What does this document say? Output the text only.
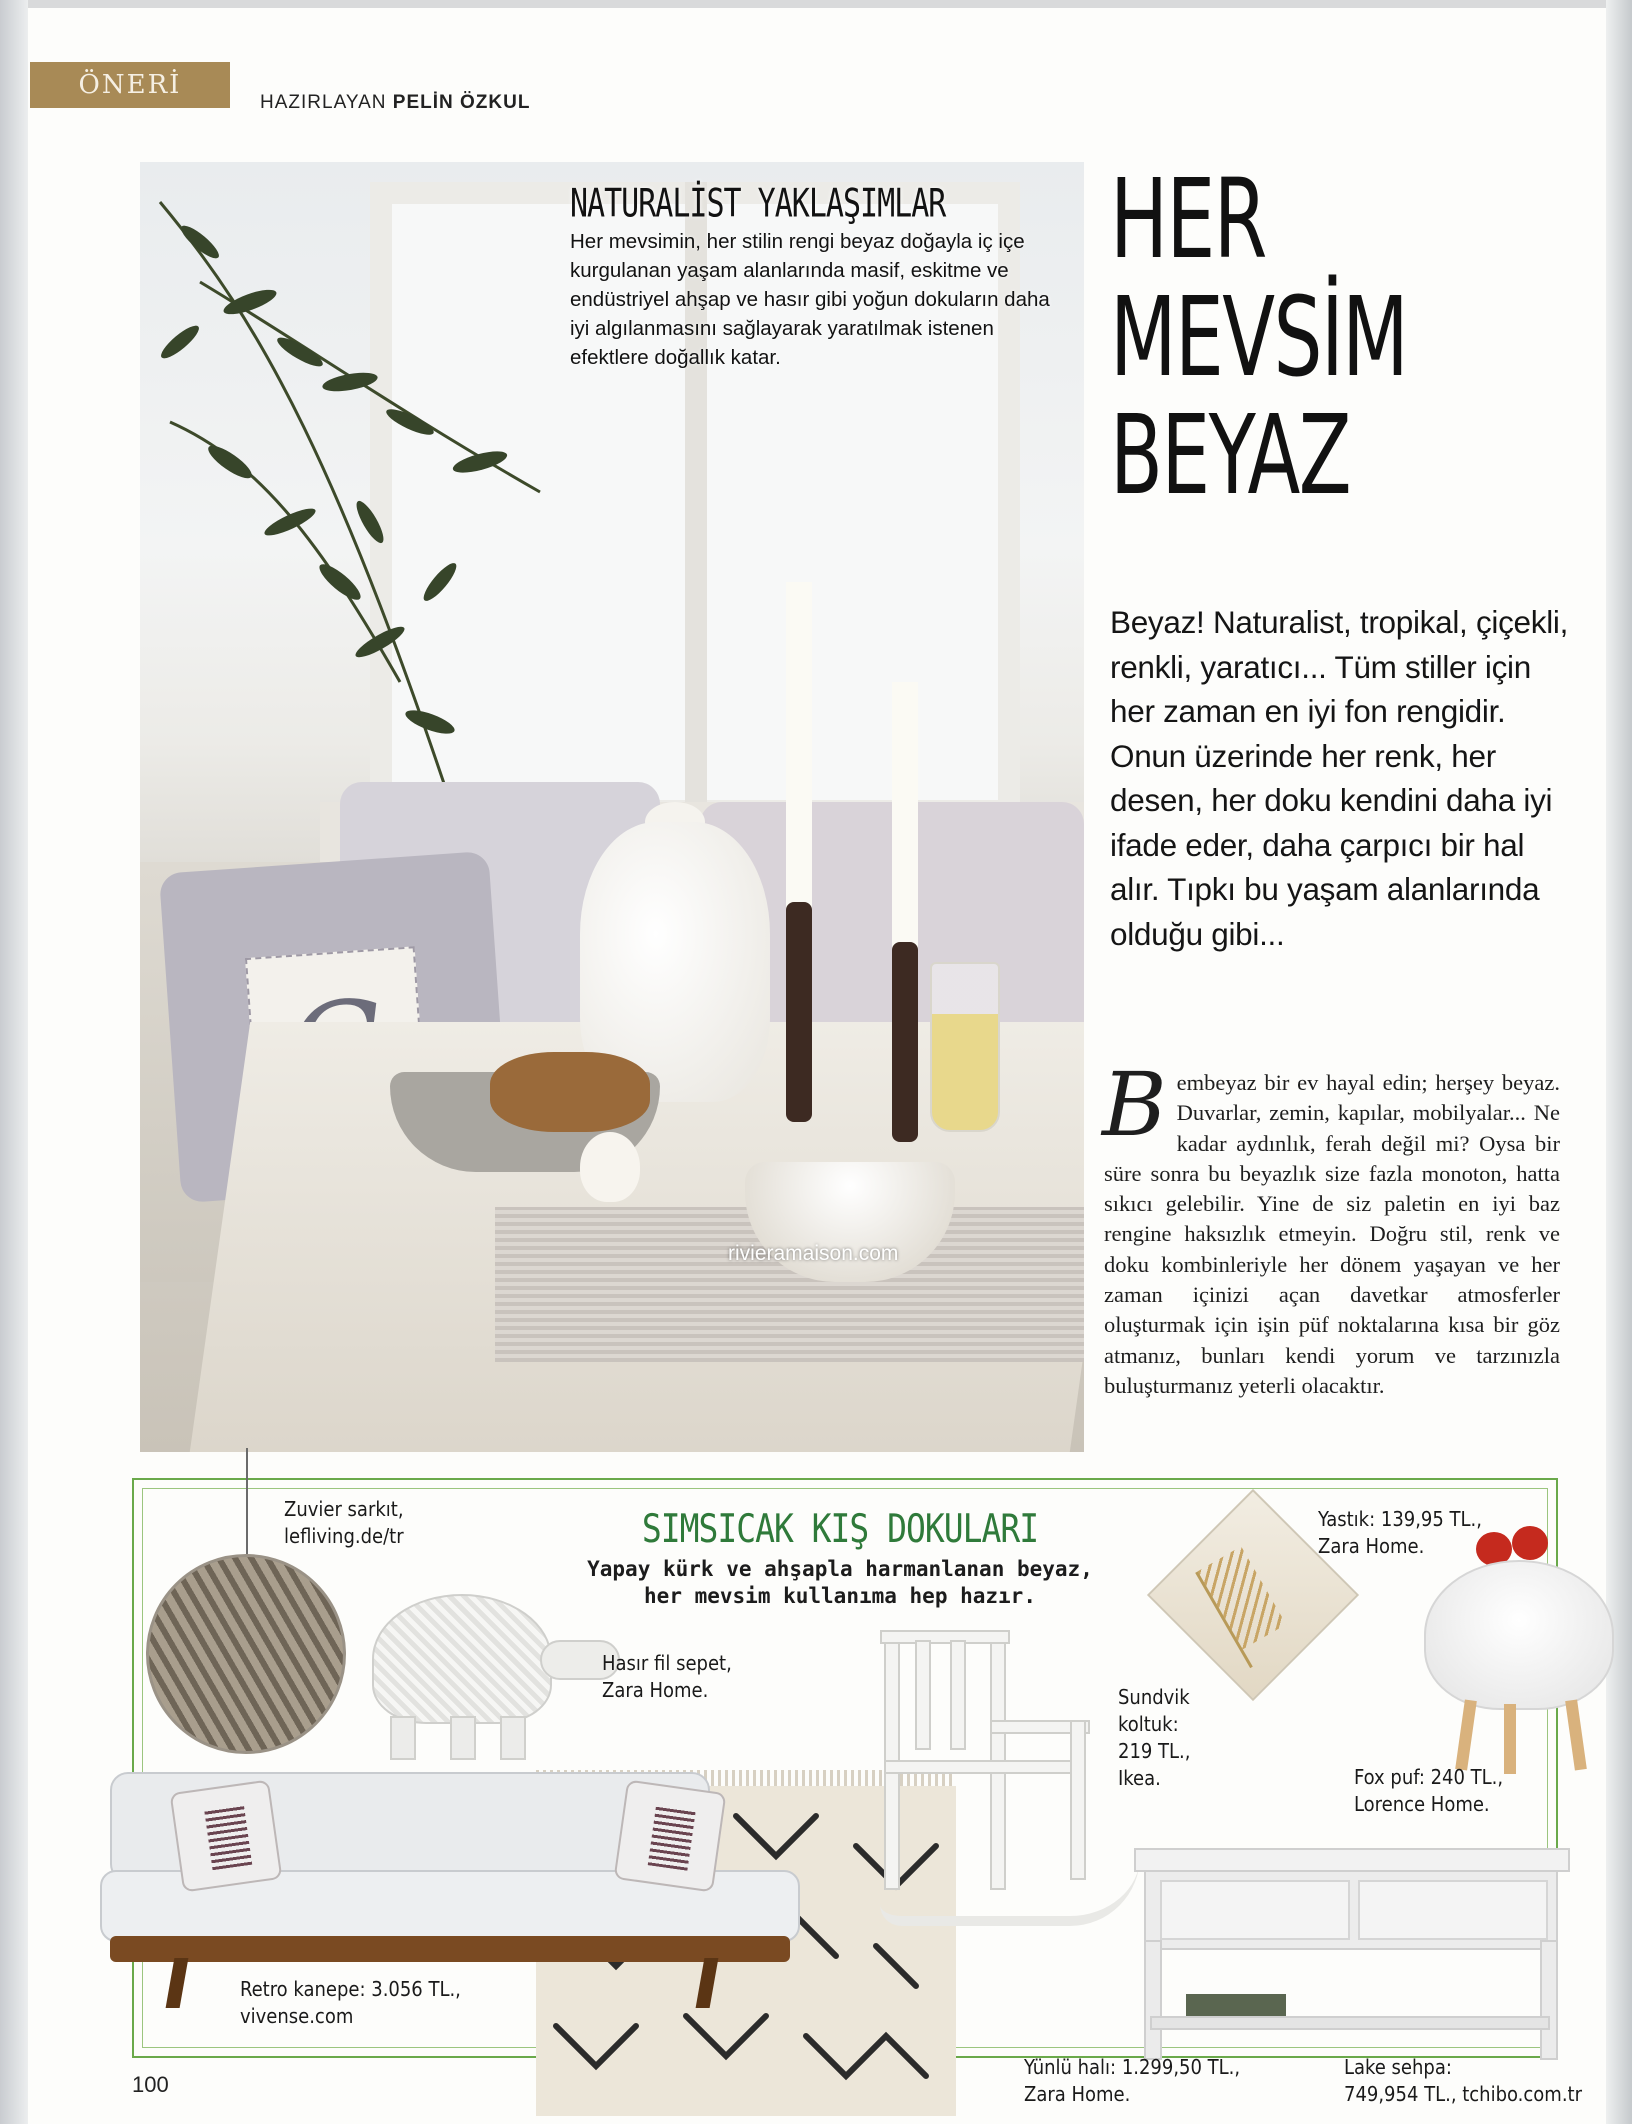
ÖNERİ
HAZIRLAYAN PELİN ÖZKUL
rivieramaison.com
NATURALİST YAKLAŞIMLAR

Her mevsimin, her stilin rengi beyaz doğayla iç içe kurgulanan yaşam alanlarında masif, eskitme ve endüstriyel ahşap ve hasır gibi yoğun dokuların daha iyi algılanmasını sağlayarak yaratılmak istenen efektlere doğallık katar.

HER
MEVSİM
BEYAZ

Beyaz! Naturalist, tropikal, çiçekli, renkli, yaratıcı... Tüm stiller için her zaman en iyi fon rengidir. Onun üzerinde her renk, her desen, her doku kendini daha iyi ifade eder, daha çarpıcı bir hal alır. Tıpkı bu yaşam alanlarında olduğu gibi...

B embeyaz bir ev hayal edin; herşey beyaz. Duvarlar, zemin, kapılar, mobilyalar... Ne kadar aydınlık, ferah değil mi? Oysa bir süre sonra bu beyazlık size fazla monoton, hatta sıkıcı gelebilir. Yine de siz paletin en iyi baz rengine haksızlık etmeyin. Doğru stil, renk ve doku kombinleriyle her dönem yaşayan ve her zaman içinizi açan davetkar atmosferler oluşturmak için işin püf noktalarına kısa bir göz atmanız, bunları kendi yorum ve tarzınızla buluşturmanız yeterli olacaktır.
SIMSICAK KIŞ DOKULARI
Yapay kürk ve ahşapla harmanlanan beyaz,
her mevsim kullanıma hep hazır.
Zuvier sarkıt,
lefliving.de/tr
Hasır fil sepet,
Zara Home.
Retro kanepe: 3.056 TL.,
vivense.com
Sundvik
koltuk:
219 TL.,
Ikea.
Yastık: 139,95 TL.,
Zara Home.
Fox puf: 240 TL.,
Lorence Home.
Lake sehpa:
749,954 TL., tchibo.com.tr
Yünlü halı: 1.299,50 TL.,
Zara Home.
100
